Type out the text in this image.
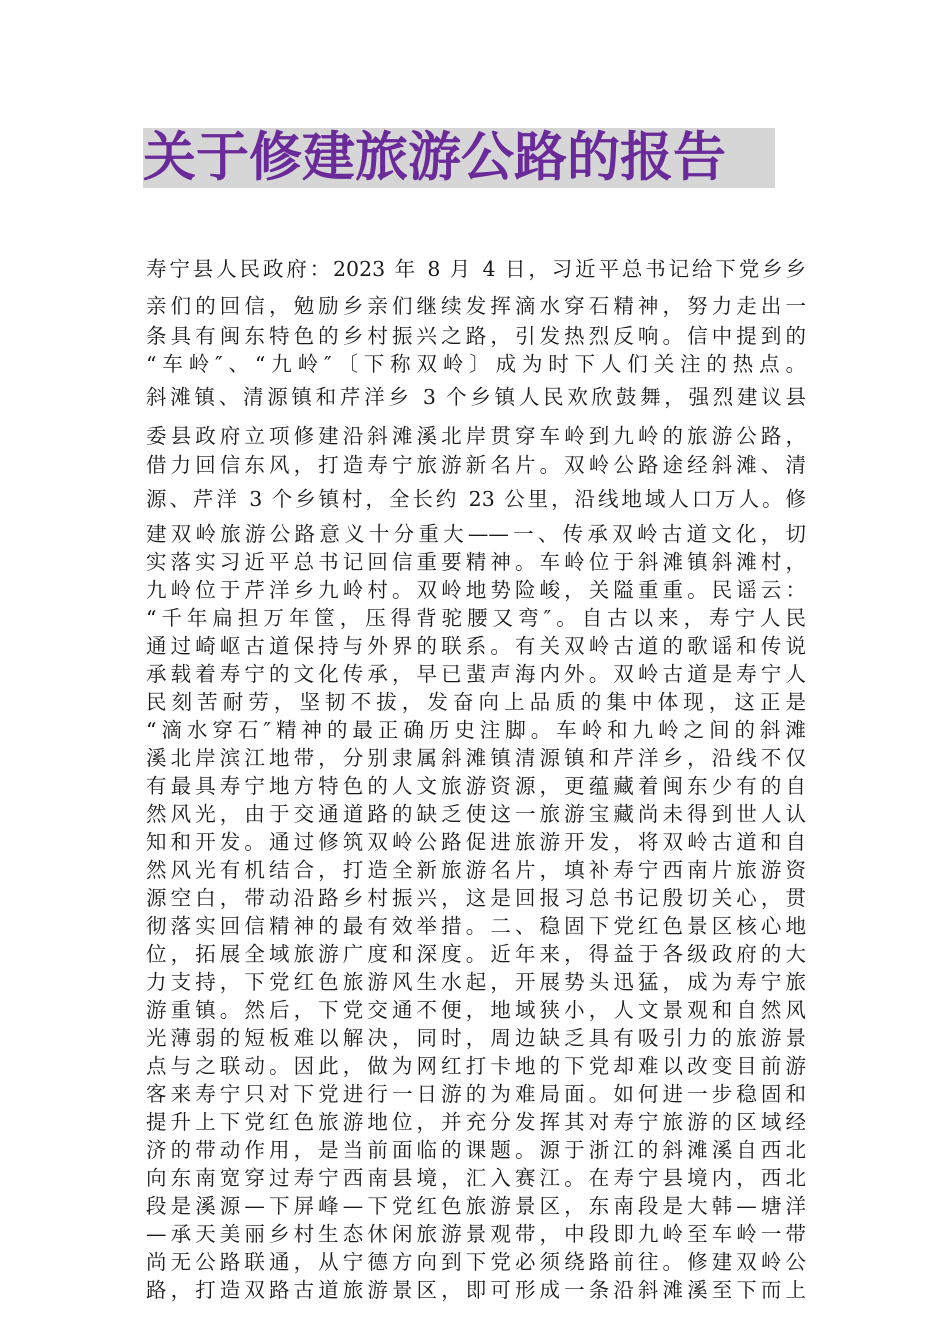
关于修建旅游公路的报告
寿宁县人民政府：2023 年 8 月 4 日，习近平总书记给下党乡乡
亲们的回信，勉励乡亲们继续发挥滴水穿石精神，努力走出一
条具有闽东特色的乡村振兴之路，引发热烈反响。信中提到的
“车岭″、“九岭″〔下称双岭〕成为时下人们关注的热点。
斜滩镇、清源镇和芹洋乡 3 个乡镇人民欢欣鼓舞，强烈建议县
委县政府立项修建沿斜滩溪北岸贯穿车岭到九岭的旅游公路，
借力回信东风，打造寿宁旅游新名片。双岭公路途经斜滩、清
源、芹洋 3 个乡镇村，全长约 23 公里，沿线地域人口万人。修
建双岭旅游公路意义十分重大——一、传承双岭古道文化，切
实落实习近平总书记回信重要精神。车岭位于斜滩镇斜滩村，
九岭位于芹洋乡九岭村。双岭地势险峻，关隘重重。民谣云：
“千年扁担万年筐，压得背驼腰又弯″。自古以来，寿宁人民
通过崎岖古道保持与外界的联系。有关双岭古道的歌谣和传说
承载着寿宁的文化传承，早已蜚声海内外。双岭古道是寿宁人
民刻苦耐劳，坚韧不拔，发奋向上品质的集中体现，这正是
“滴水穿石″精神的最正确历史注脚。车岭和九岭之间的斜滩
溪北岸滨江地带，分别隶属斜滩镇清源镇和芹洋乡，沿线不仅
有最具寿宁地方特色的人文旅游资源，更蕴藏着闽东少有的自
然风光，由于交通道路的缺乏使这一旅游宝藏尚未得到世人认
知和开发。通过修筑双岭公路促进旅游开发，将双岭古道和自
然风光有机结合，打造全新旅游名片，填补寿宁西南片旅游资
源空白，带动沿路乡村振兴，这是回报习总书记殷切关心，贯
彻落实回信精神的最有效举措。二、稳固下党红色景区核心地
位，拓展全域旅游广度和深度。近年来，得益于各级政府的大
力支持，下党红色旅游风生水起，开展势头迅猛，成为寿宁旅
游重镇。然后，下党交通不便，地域狭小，人文景观和自然风
光薄弱的短板难以解决，同时，周边缺乏具有吸引力的旅游景
点与之联动。因此，做为网红打卡地的下党却难以改变目前游
客来寿宁只对下党进行一日游的为难局面。如何进一步稳固和
提升上下党红色旅游地位，并充分发挥其对寿宁旅游的区域经
济的带动作用，是当前面临的课题。源于浙江的斜滩溪自西北
向东南宽穿过寿宁西南县境，汇入赛江。在寿宁县境内，西北
段是溪源—下屏峰—下党红色旅游景区，东南段是大韩—塘洋
—承天美丽乡村生态休闲旅游景观带，中段即九岭至车岭一带
尚无公路联通，从宁德方向到下党必须绕路前往。修建双岭公
路，打造双路古道旅游景区，即可形成一条沿斜滩溪至下而上
